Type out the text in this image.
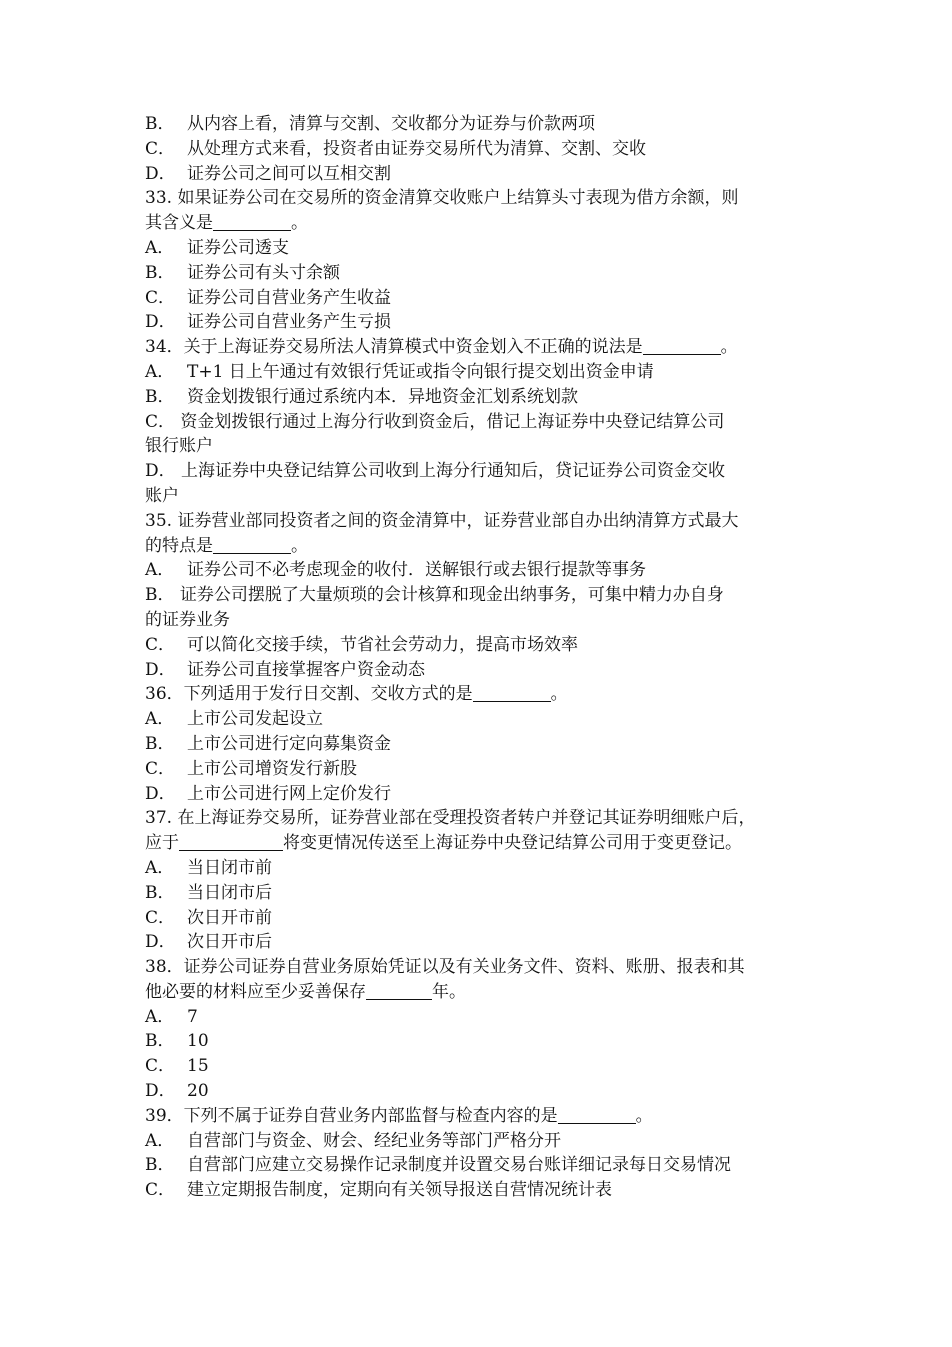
B． 从内容上看，清算与交割、交收都分为证券与价款两项
C． 从处理方式来看，投资者由证券交易所代为清算、交割、交收
D． 证券公司之间可以互相交割
33. 如果证券公司在交易所的资金清算交收账户上结算头寸表现为借方余额，则
其含义是	。
A． 证券公司透支
B． 证券公司有头寸余额
C． 证券公司自营业务产生收益
D． 证券公司自营业务产生亏损
34．关于上海证券交易所法人清算模式中资金划入不正确的说法是	。
A． T+1 日上午通过有效银行凭证或指令向银行提交划出资金申请
B． 资金划拨银行通过系统内本．异地资金汇划系统划款
C． 资金划拨银行通过上海分行收到资金后，借记上海证券中央登记结算公司
银行账户
D． 上海证券中央登记结算公司收到上海分行通知后，贷记证券公司资金交收
账户
35. 证券营业部同投资者之间的资金清算中，证券营业部自办出纳清算方式最大
的特点是	。
A． 证券公司不必考虑现金的收付．送解银行或去银行提款等事务
B． 证券公司摆脱了大量烦琐的会计核算和现金出纳事务，可集中精力办自身
的证券业务
C． 可以简化交接手续，节省社会劳动力，提高市场效率
D． 证券公司直接掌握客户资金动态
36．下列适用于发行日交割、交收方式的是	。
A． 上市公司发起设立
B． 上市公司进行定向募集资金
C． 上市公司增资发行新股
D． 上市公司进行网上定价发行
37. 在上海证券交易所，证券营业部在受理投资者转户并登记其证券明细账户后，
应于	将变更情况传送至上海证券中央登记结算公司用于变更登记。
A． 当日闭市前
B． 当日闭市后
C． 次日开市前
D． 次日开市后
38．证券公司证券自营业务原始凭证以及有关业务文件、资料、账册、报表和其
他必要的材料应至少妥善保存	年。
A． 7
B． 10
C． 15
D． 20
39．下列不属于证券自营业务内部监督与检查内容的是	。
A． 自营部门与资金、财会、经纪业务等部门严格分开
B． 自营部门应建立交易操作记录制度并设置交易台账详细记录每日交易情况
C． 建立定期报告制度，定期向有关领导报送自营情况统计表
